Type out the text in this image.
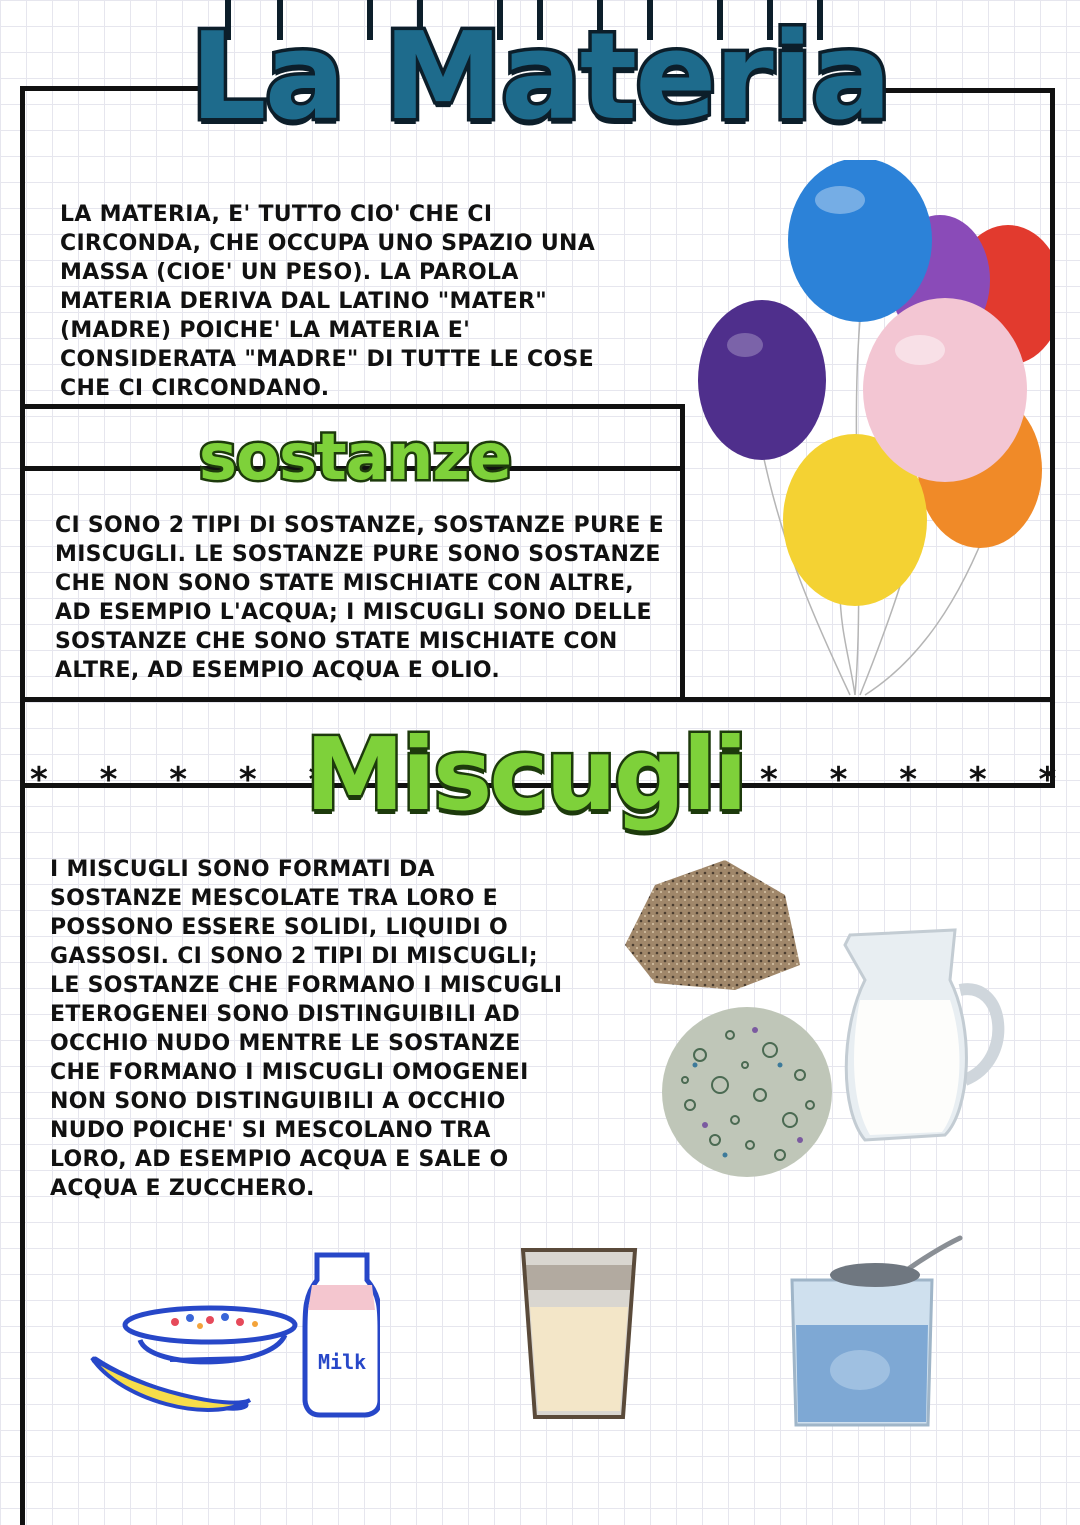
La Materia

LA MATERIA, E' TUTTO CIO' CHE CI CIRCONDA, CHE OCCUPA UNO SPAZIO UNA MASSA (CIOE' UN PESO). LA PAROLA MATERIA DERIVA DAL LATINO "MATER" (MADRE) POICHE' LA MATERIA E' CONSIDERATA "MADRE" DI TUTTE LE COSE CHE CI CIRCONDANO.

sostanze

CI SONO 2 TIPI DI SOSTANZE, SOSTANZE PURE E MISCUGLI. LE SOSTANZE PURE SONO SOSTANZE CHE NON SONO STATE MISCHIATE CON ALTRE, AD ESEMPIO L'ACQUA; I MISCUGLI SONO DELLE SOSTANZE CHE SONO STATE MISCHIATE CON ALTRE, AD ESEMPIO ACQUA E OLIO.

* * * * *	* * * * *
Miscugli

I MISCUGLI SONO FORMATI DA SOSTANZE MESCOLATE TRA LORO E POSSONO ESSERE SOLIDI, LIQUIDI O GASSOSI. CI SONO 2 TIPI DI MISCUGLI; LE SOSTANZE CHE FORMANO I MISCUGLI ETEROGENEI SONO DISTINGUIBILI AD OCCHIO NUDO MENTRE LE SOSTANZE CHE FORMANO I MISCUGLI OMOGENEI NON SONO DISTINGUIBILI A OCCHIO NUDO POICHE' SI MESCOLANO TRA LORO, AD ESEMPIO ACQUA E SALE O ACQUA E ZUCCHERO.

Milk
